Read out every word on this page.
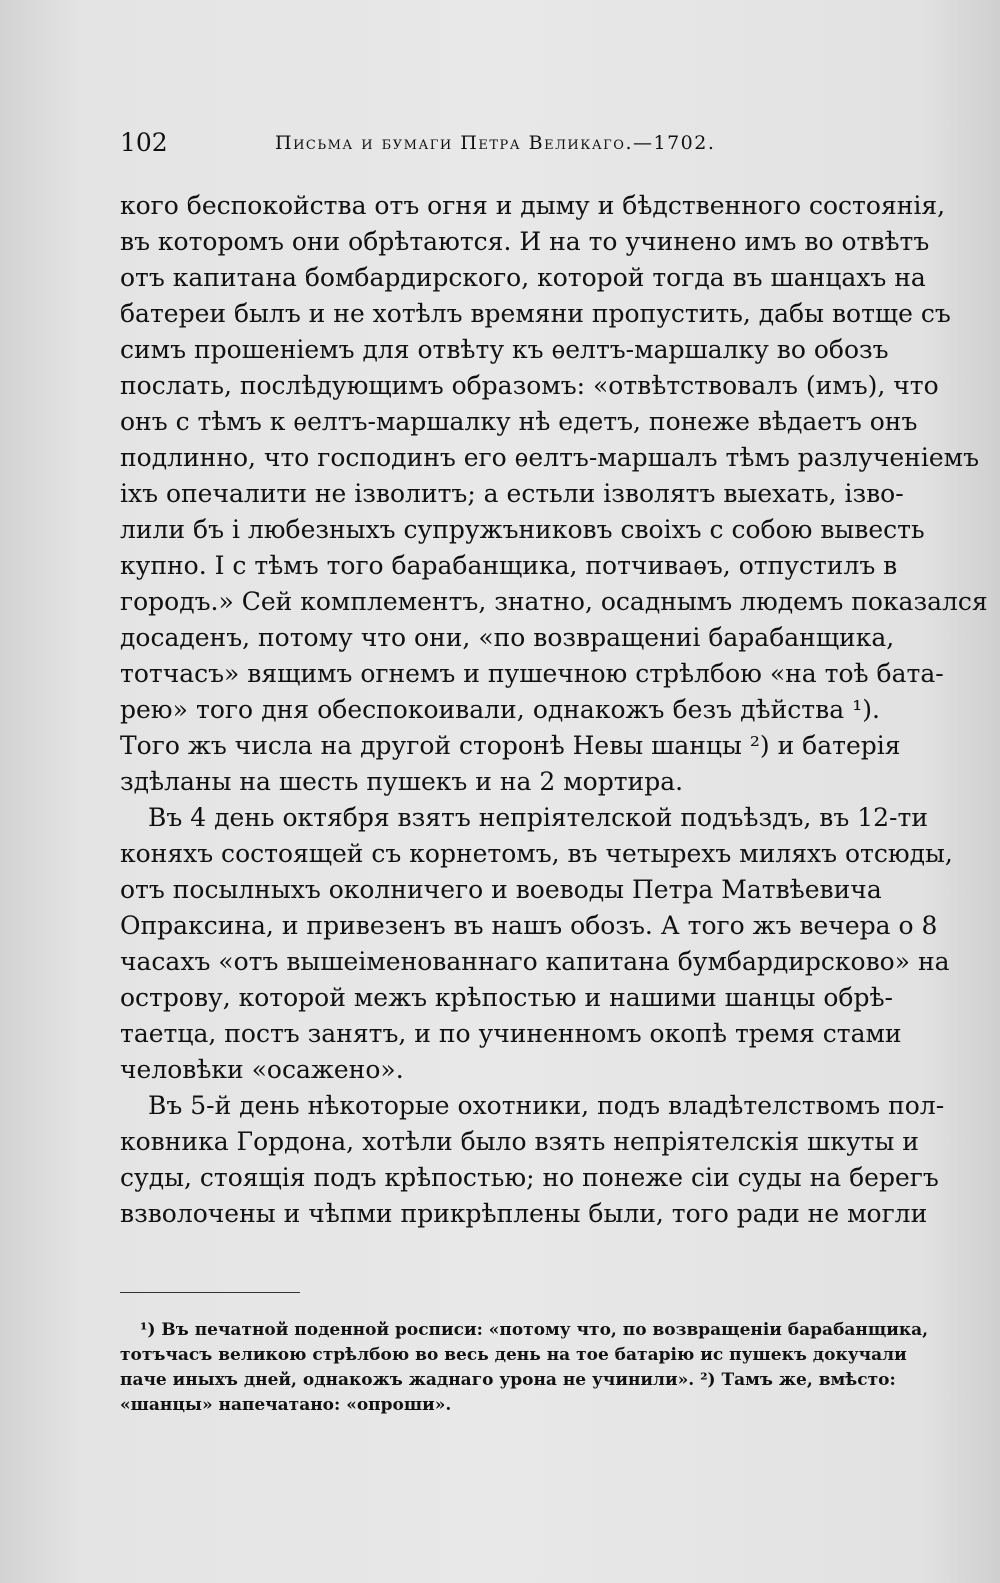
102	Письма и бумаги Петра Великаго.—1702.
кого беспокойства отъ огня и дыму и бѣдственного состоянія,
въ которомъ они обрѣтаются. И на то учинено имъ во отвѣтъ
отъ капитана бомбардирского, которой тогда въ шанцахъ на
батереи былъ и не хотѣлъ времяни пропустить, дабы вотще съ
симъ прошеніемъ для отвѣту къ ѳелтъ-маршалку во обозъ
послать, послѣдующимъ образомъ: «отвѣтствовалъ (имъ), что
онъ с тѣмъ к ѳелтъ-маршалку нѣ едетъ, понеже вѣдаетъ онъ
подлинно, что господинъ его ѳелтъ-маршалъ тѣмъ разлученіемъ
іхъ опечалити не ізволитъ; а естьли ізволятъ выехать, ізво-
лили бъ і любезныхъ супружъниковъ своіхъ с собою вывесть
купно. І с тѣмъ того барабанщика, потчиваѳъ, отпустилъ в
городъ.» Сей комплементъ, знатно, осаднымъ людемъ показался
досаденъ, потому что они, «по возвращениі барабанщика,
тотчасъ» вящимъ огнемъ и пушечною стрѣлбою «на тоѣ бата-
рею» того дня обеспокоивали, однакожъ безъ дѣйства ¹).
Того жъ числа на другой сторонѣ Невы шанцы ²) и батерія
здѣланы на шесть пушекъ и на 2 мортира.
Въ 4 день октября взятъ непріятелской подъѣздъ, въ 12-ти
коняхъ состоящей съ корнетомъ, въ четырехъ миляхъ отсюды,
отъ посылныхъ околничего и воеводы Петра Матвѣевича
Опраксина, и привезенъ въ нашъ обозъ. А того жъ вечера о 8
часахъ «отъ вышеіменованнаго капитана бумбардирсково» на
острову, которой межъ крѣпостью и нашими шанцы обрѣ-
таетца, постъ занятъ, и по учиненномъ окопѣ тремя стами
человѣки «осажено».
Въ 5-й день нѣкоторые охотники, подъ владѣтелствомъ пол-
ковника Гордона, хотѣли было взять непріятелскія шкуты и
суды, стоящія подъ крѣпостью; но понеже сіи суды на берегъ
взволочены и чѣпми прикрѣплены были, того ради не могли
¹) Въ печатной поденной росписи: «потому что, по возвращеніи барабанщика,
тотъчасъ великою стрѣлбою во весь день на тое батарію ис пушекъ докучали
паче иныхъ дней, однакожъ жаднаго урона не учинили». ²) Тамъ же, вмѣсто:
«шанцы» напечатано: «опроши».
